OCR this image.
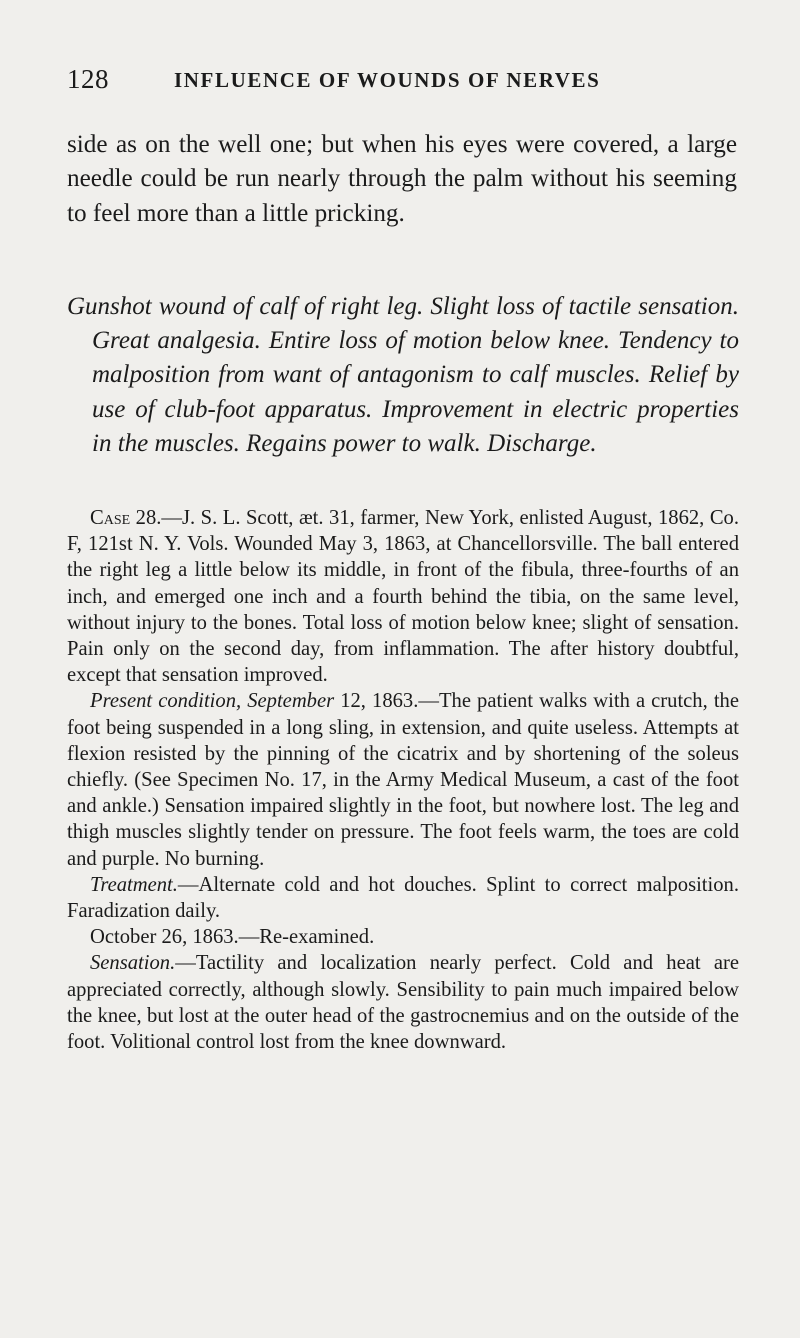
128	INFLUENCE OF WOUNDS OF NERVES

side as on the well one; but when his eyes were covered, a large needle could be run nearly through the palm without his seeming to feel more than a little pricking.

Gunshot wound of calf of right leg. Slight loss of tactile sensation. Great analgesia. Entire loss of motion below knee. Tendency to malposition from want of antagonism to calf muscles. Relief by use of club-foot apparatus. Improvement in electric properties in the muscles. Regains power to walk. Discharge.

Case 28.—J. S. L. Scott, æt. 31, farmer, New York, enlisted August, 1862, Co. F, 121st N. Y. Vols. Wounded May 3, 1863, at Chancellorsville. The ball entered the right leg a little below its middle, in front of the fibula, three-fourths of an inch, and emerged one inch and a fourth behind the tibia, on the same level, without injury to the bones. Total loss of motion below knee; slight of sensation. Pain only on the second day, from inflammation. The after history doubtful, except that sensation improved.

Present condition, September 12, 1863.—The patient walks with a crutch, the foot being suspended in a long sling, in extension, and quite useless. Attempts at flexion resisted by the pinning of the cicatrix and by shortening of the soleus chiefly. (See Specimen No. 17, in the Army Medical Museum, a cast of the foot and ankle.) Sensation impaired slightly in the foot, but nowhere lost. The leg and thigh muscles slightly tender on pressure. The foot feels warm, the toes are cold and purple. No burning.

Treatment.—Alternate cold and hot douches. Splint to correct malposition. Faradization daily.

October 26, 1863.—Re-examined.

Sensation.—Tactility and localization nearly perfect. Cold and heat are appreciated correctly, although slowly. Sensibility to pain much impaired below the knee, but lost at the outer head of the gastrocnemius and on the outside of the foot. Volitional control lost from the knee downward.
